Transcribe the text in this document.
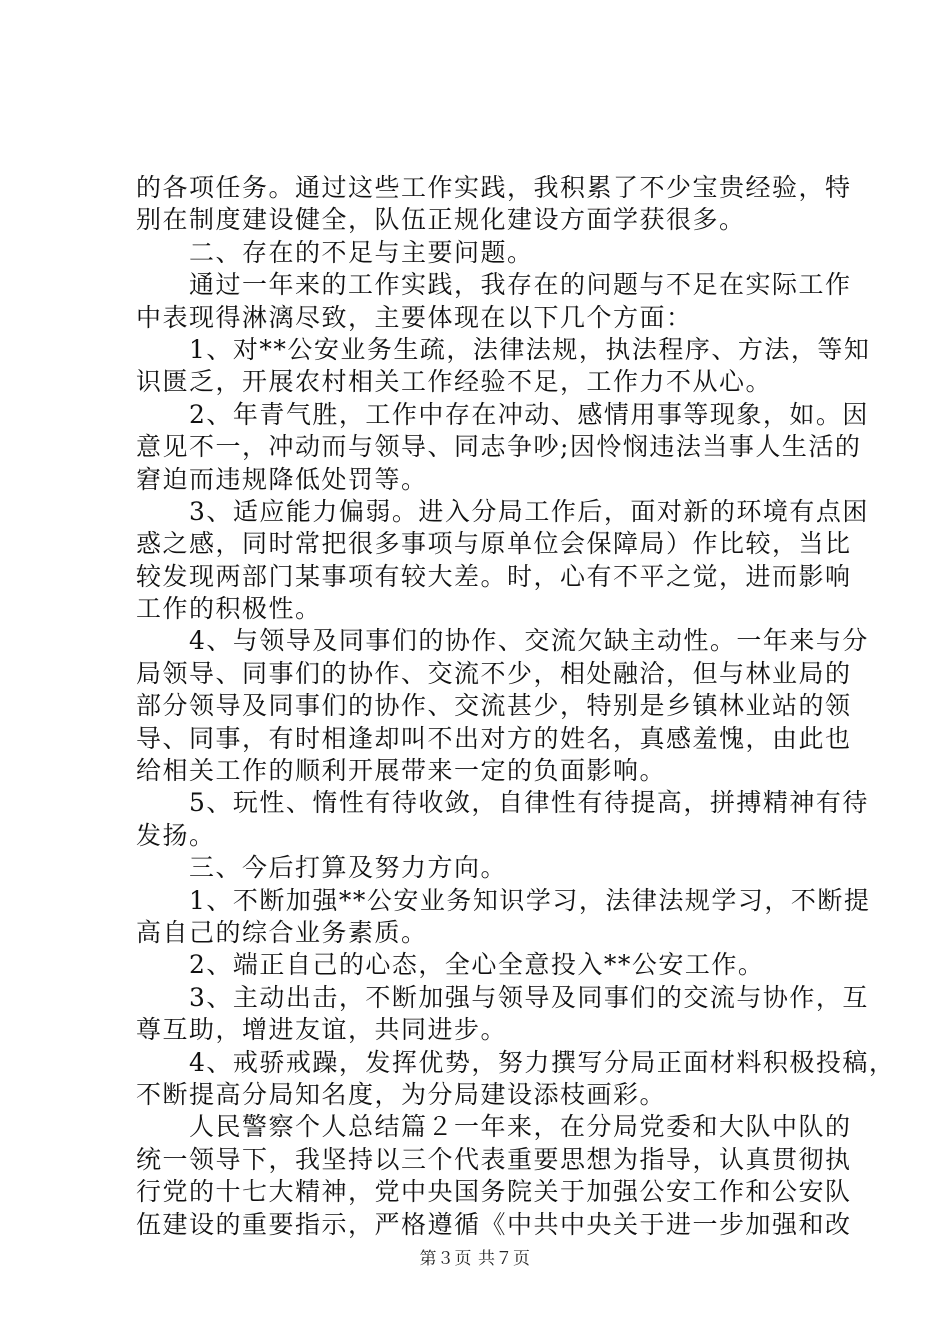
的各项任务。通过这些工作实践，我积累了不少宝贵经验，特
别在制度建设健全，队伍正规化建设方面学获很多。
　　二、存在的不足与主要问题。
　　通过一年来的工作实践，我存在的问题与不足在实际工作
中表现得淋漓尽致，主要体现在以下几个方面：
　　1、对**公安业务生疏，法律法规，执法程序、方法，等知
识匮乏，开展农村相关工作经验不足，工作力不从心。
　　2、年青气胜，工作中存在冲动、感情用事等现象，如。因
意见不一，冲动而与领导、同志争吵;因怜悯违法当事人生活的
窘迫而违规降低处罚等。
　　3、适应能力偏弱。进入分局工作后，面对新的环境有点困
惑之感，同时常把很多事项与原单位会保障局）作比较，当比
较发现两部门某事项有较大差。时，心有不平之觉，进而影响
工作的积极性。
　　4、与领导及同事们的协作、交流欠缺主动性。一年来与分
局领导、同事们的协作、交流不少，相处融洽，但与林业局的
部分领导及同事们的协作、交流甚少，特别是乡镇林业站的领
导、同事，有时相逢却叫不出对方的姓名，真感羞愧，由此也
给相关工作的顺利开展带来一定的负面影响。
　　5、玩性、惰性有待收敛，自律性有待提高，拼搏精神有待
发扬。
　　三、今后打算及努力方向。
　　1、不断加强**公安业务知识学习，法律法规学习，不断提
高自己的综合业务素质。
　　2、端正自己的心态，全心全意投入**公安工作。
　　3、主动出击，不断加强与领导及同事们的交流与协作，互
尊互助，增进友谊，共同进步。
　　4、戒骄戒躁，发挥优势，努力撰写分局正面材料积极投稿，
不断提高分局知名度，为分局建设添枝画彩。
　　人民警察个人总结篇２一年来，在分局党委和大队中队的
统一领导下，我坚持以三个代表重要思想为指导，认真贯彻执
行党的十七大精神，党中央国务院关于加强公安工作和公安队
伍建设的重要指示，严格遵循《中共中央关于进一步加强和改
第３页 共７页
